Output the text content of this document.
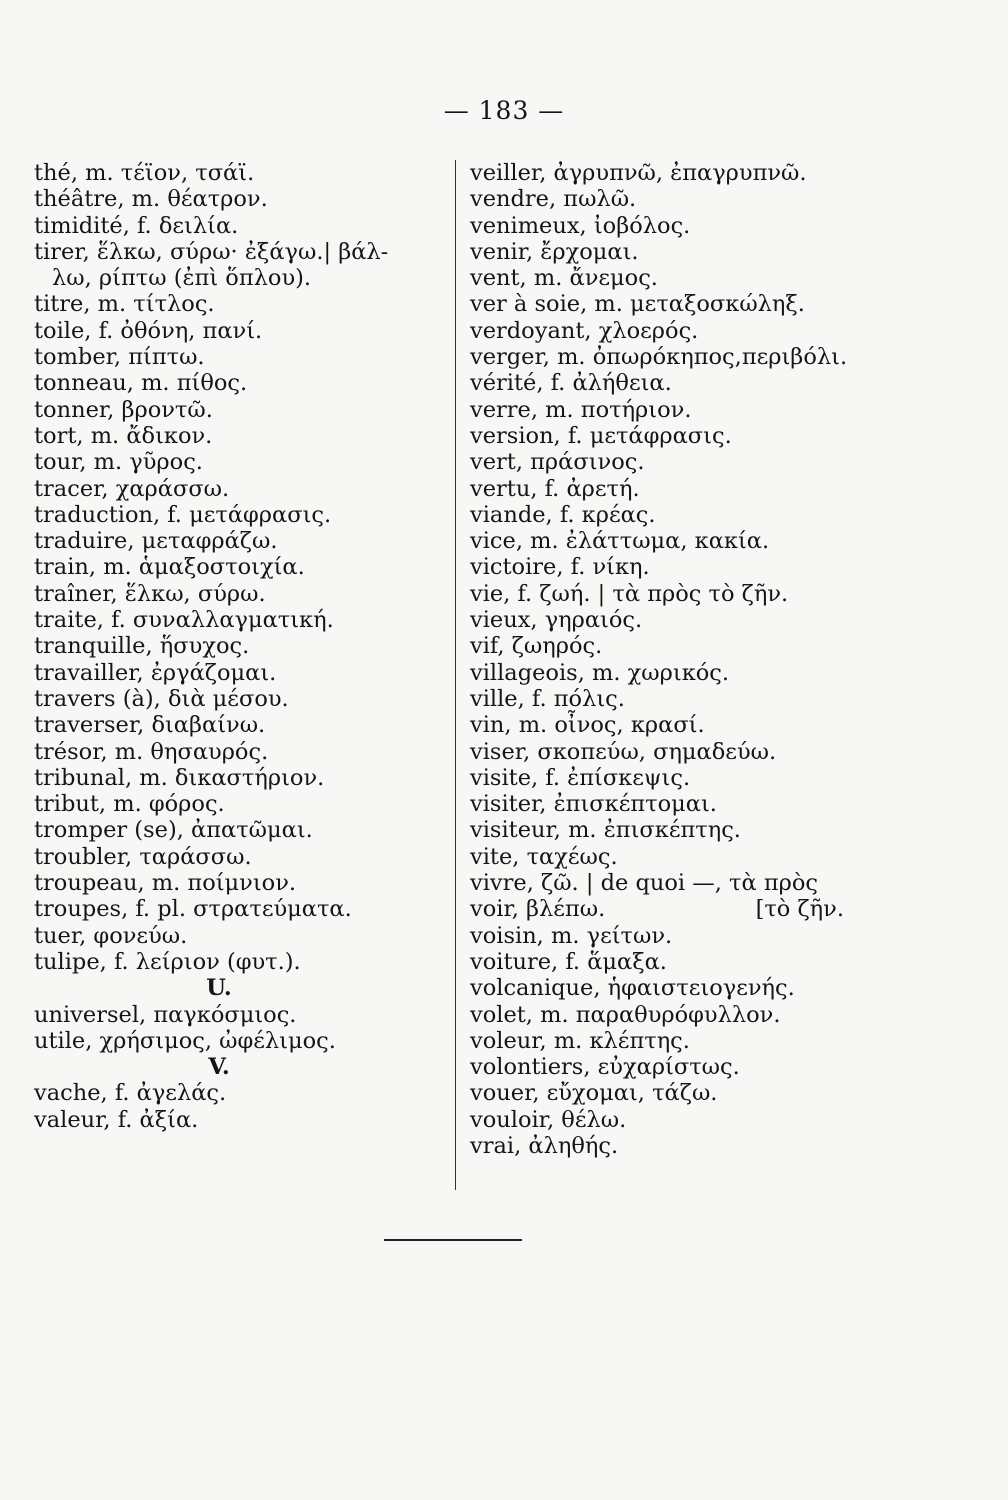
— 183 —
thé, m. τέϊον, τσάϊ.
théâtre, m. θέατρον.
timidité, f. δειλία.
tirer, ἕλκω, σύρω· ἐξάγω.| βάλ-
λω, ρίπτω (ἐπὶ ὅπλου).
titre, m. τίτλος.
toile, f. ὀθόνη, πανί.
tomber, πίπτω.
tonneau, m. πίθος.
tonner, βροντῶ.
tort, m. ἄδικον.
tour, m. γῦρος.
tracer, χαράσσω.
traduction, f. μετάφρασις.
traduire, μεταφράζω.
train, m. ἁμαξοστοιχία.
traîner, ἕλκω, σύρω.
traite, f. συναλλαγματική.
tranquille, ἥσυχος.
travailler, ἐργάζομαι.
travers (à), διὰ μέσου.
traverser, διαβαίνω.
trésor, m. θησαυρός.
tribunal, m. δικαστήριον.
tribut, m. φόρος.
tromper (se), ἀπατῶμαι.
troubler, ταράσσω.
troupeau, m. ποίμνιον.
troupes, f. pl. στρατεύματα.
tuer, φονεύω.
tulipe, f. λείριον (φυτ.).
U.
universel, παγκόσμιος.
utile, χρήσιμος, ὠφέλιμος.
V.
vache, f. ἀγελάς.
valeur, f. ἀξία.
veiller, ἀγρυπνῶ, ἐπαγρυπνῶ.
vendre, πωλῶ.
venimeux, ἰοβόλος.
venir, ἔρχομαι.
vent, m. ἄνεμος.
ver à soie, m. μεταξοσκώληξ.
verdoyant, χλοερός.
verger, m. ὀπωρόκηπος,περιβόλι.
vérité, f. ἀλήθεια.
verre, m. ποτήριον.
version, f. μετάφρασις.
vert, πράσινος.
vertu, f. ἀρετή.
viande, f. κρέας.
vice, m. ἐλάττωμα, κακία.
victoire, f. νίκη.
vie, f. ζωή. | τὰ πρὸς τὸ ζῆν.
vieux, γηραιός.
vif, ζωηρός.
villageois, m. χωρικός.
ville, f. πόλις.
vin, m. οἶνος, κρασί.
viser, σκοπεύω, σημαδεύω.
visite, f. ἐπίσκεψις.
visiter, ἐπισκέπτομαι.
visiteur, m. ἐπισκέπτης.
vite, ταχέως.
vivre, ζῶ. | de quoi —, τὰ πρὸς
voir, βλέπω.	[τὸ ζῆν.
voisin, m. γείτων.
voiture, f. ἅμαξα.
volcanique, ἡφαιστειογενής.
volet, m. παραθυρόφυλλον.
voleur, m. κλέπτης.
volontiers, εὐχαρίστως.
vouer, εὔχομαι, τάζω.
vouloir, θέλω.
vrai, ἀληθής.
